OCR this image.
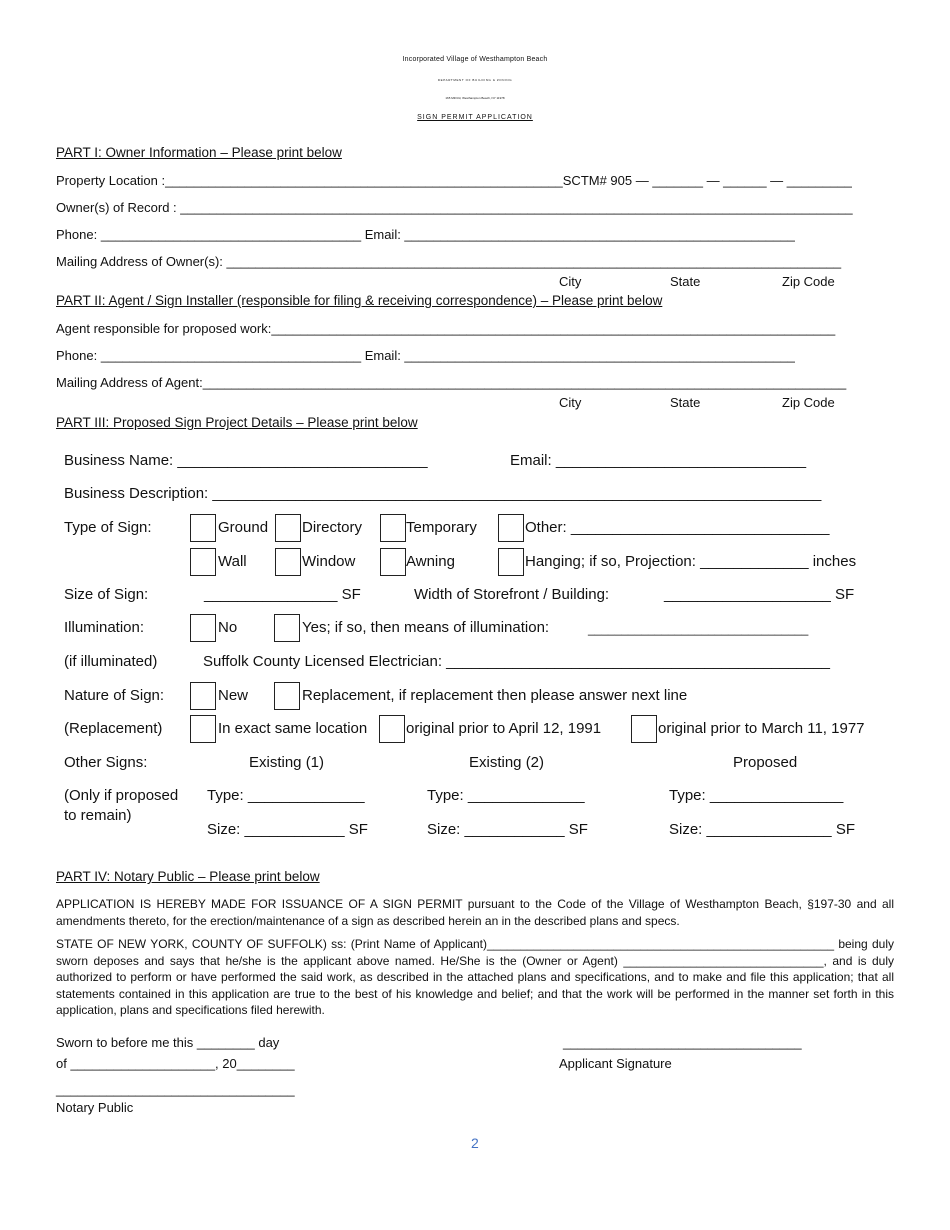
Incorporated Village of Westhampton Beach
DEPARTMENT OF BUILDING & ZONING
165 Mill Rd, Westhampton Beach, NY 11978
SIGN PERMIT APPLICATION
PART I: Owner Information – Please print below
Property Location :_______________________________________________________SCTM# 905 — _______ — ______ — _________
Owner(s) of Record : _____________________________________________________________________________________________
Phone: ____________________________________ Email: ______________________________________________________
Mailing Address of Owner(s): _____________________________________________________________________________________
City	State	Zip Code
PART II: Agent / Sign Installer (responsible for filing & receiving correspondence) – Please print below
Agent responsible for proposed work:______________________________________________________________________________
Phone: ____________________________________ Email: ______________________________________________________
Mailing Address of Agent:_________________________________________________________________________________________
City	State	Zip Code
PART III: Proposed Sign Project Details – Please print below
Business Name: ______________________________	Email: ______________________________
Business Description: _________________________________________________________________________
Type of Sign:	Ground Directory	Temporary	Other: _______________________________
Wall	Window	Awning	Hanging; if so, Projection: _____________ inches
Size of Sign:	________________ SF	Width of Storefront / Building:	____________________ SF
Illumination:	No	Yes; if so, then means of illumination:	_________________________________
(if illuminated)	Suffolk County Licensed Electrician: ______________________________________________
Nature of Sign:	New	Replacement, if replacement then please answer next line
(Replacement)	In exact same location	original prior to April 12, 1991	original prior to March 11, 1977
Other Signs:	Existing (1)	Existing (2)	Proposed
(Only if proposed
to remain)
Type: ______________	Type: ______________	Type: ________________
Size: ____________ SF	Size: ____________ SF	Size: _______________ SF
PART IV: Notary Public – Please print below
APPLICATION IS HEREBY MADE FOR ISSUANCE OF A SIGN PERMIT pursuant to the Code of the Village of Westhampton Beach, §197-30 and all amendments thereto, for the erection/maintenance of a sign as described herein an in the described plans and specs.
STATE OF NEW YORK, COUNTY OF SUFFOLK) ss: (Print Name of Applicant)____________________________________________________ being duly sworn deposes and says that he/she is the applicant above named. He/She is the (Owner or Agent) ______________________________, and is duly authorized to perform or have performed the said work, as described in the attached plans and specifications, and to make and file this application; that all statements contained in this application are true to the best of his knowledge and belief; and that the work will be performed in the manner set forth in this application, plans and specifications filed herewith.
Sworn to before me this ________ day
of ____________________, 20________
_________________________________
Applicant Signature
_________________________________
Notary Public
2
